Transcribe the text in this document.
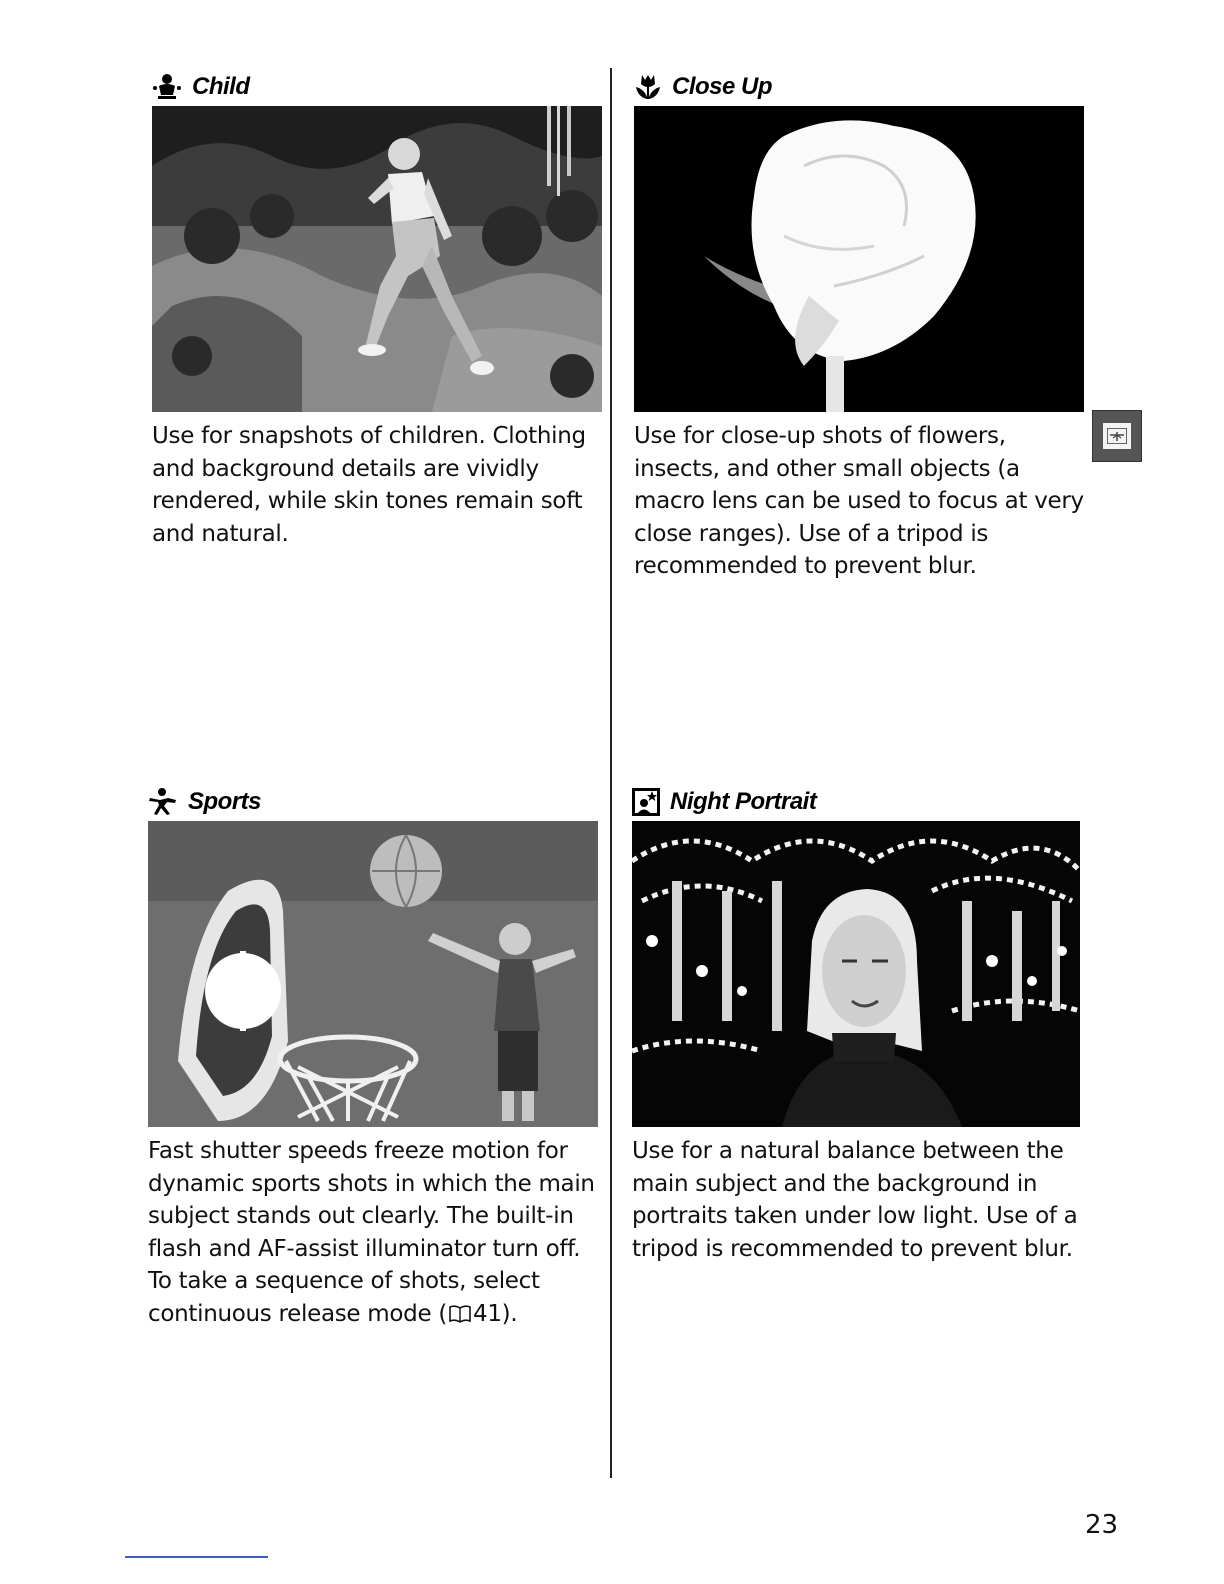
Child
Use for snapshots of children. Clothing and background details are vividly rendered, while skin tones remain soft and natural.
Close Up
Use for close-up shots of flowers, insects, and other small objects (a macro lens can be used to focus at very close ranges). Use of a tripod is recommended to prevent blur.
Sports
Fast shutter speeds freeze motion for dynamic sports shots in which the main subject stands out clearly. The built-in flash and AF-assist illuminator turn off. To take a sequence of shots, select continuous release mode ( 41).
Night Portrait
Use for a natural balance between the main subject and the background in portraits taken under low light. Use of a tripod is recommended to prevent blur.
23
